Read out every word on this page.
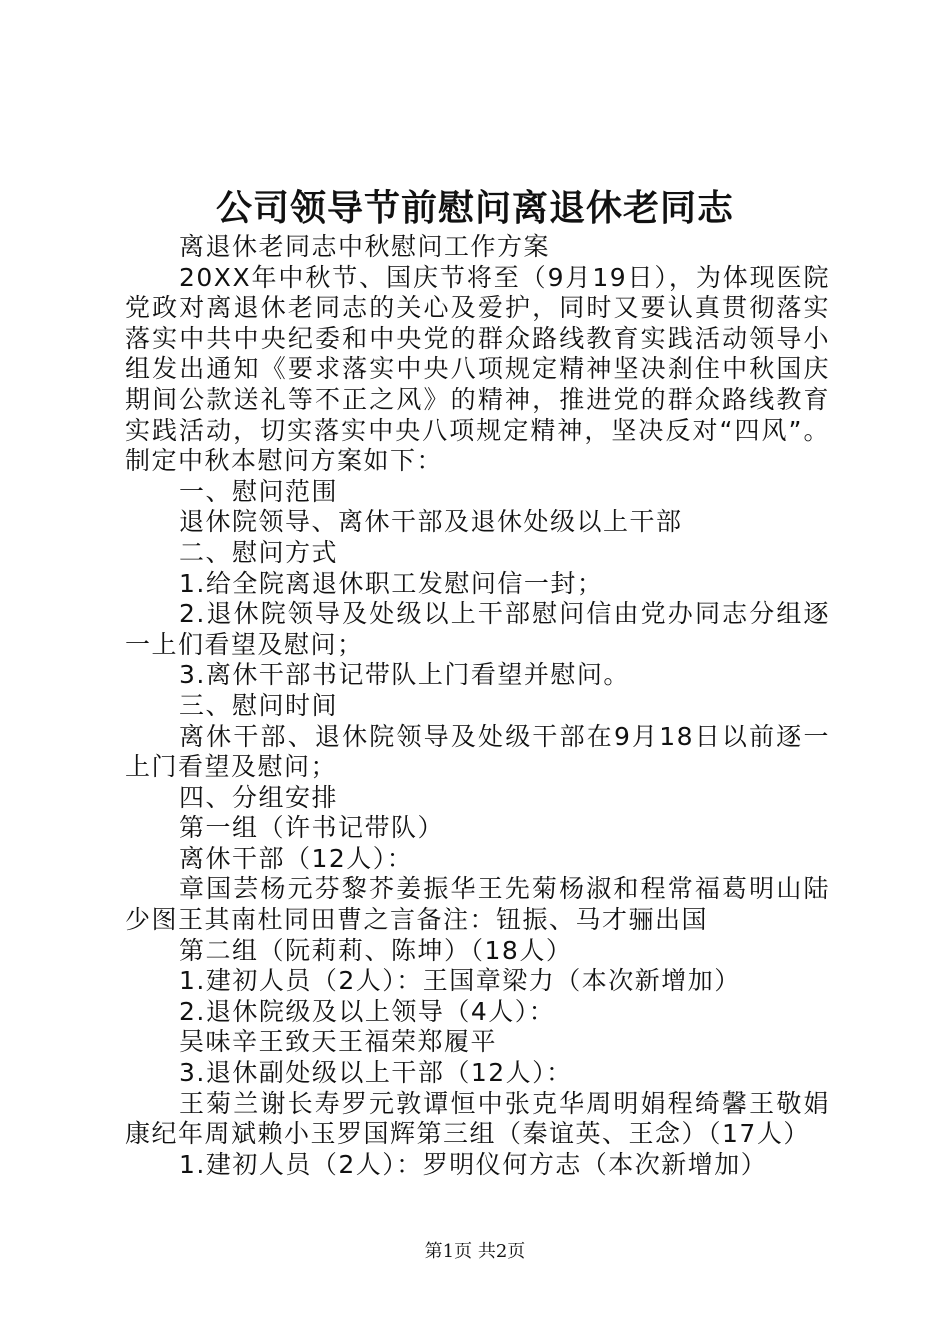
公司领导节前慰问离退休老同志

离退休老同志中秋慰问工作方案

20XX年中秋节、国庆节将至（9月19日），为体现医院党政对离退休老同志的关心及爱护，同时又要认真贯彻落实落实中共中央纪委和中央党的群众路线教育实践活动领导小组发出通知《要求落实中央八项规定精神坚决刹住中秋国庆期间公款送礼等不正之风》的精神，推进党的群众路线教育实践活动，切实落实中央八项规定精神，坚决反对“四风”。制定中秋本慰问方案如下：

一、慰问范围

退休院领导、离休干部及退休处级以上干部

二、慰问方式

1.给全院离退休职工发慰问信一封；

2.退休院领导及处级以上干部慰问信由党办同志分组逐一上们看望及慰问；

3.离休干部书记带队上门看望并慰问。

三、慰问时间

离休干部、退休院领导及处级干部在9月18日以前逐一上门看望及慰问；

四、分组安排

第一组（许书记带队）

离休干部（12人）：

章国芸杨元芬黎芥姜振华王先菊杨淑和程常福葛明山陆少图王其南杜同田曹之言备注：钮振、马才骊出国

第二组（阮莉莉、陈坤）（18人）

1.建初人员（2人）：王国章梁力（本次新增加）

2.退休院级及以上领导（4人）：

吴味辛王致天王福荣郑履平

3.退休副处级以上干部（12人）：

王菊兰谢长寿罗元敦谭恒中张克华周明娟程绮馨王敬娟康纪年周斌赖小玉罗国辉第三组（秦谊英、王念）（17人）

1.建初人员（2人）：罗明仪何方志（本次新增加）

第1页 共2页
